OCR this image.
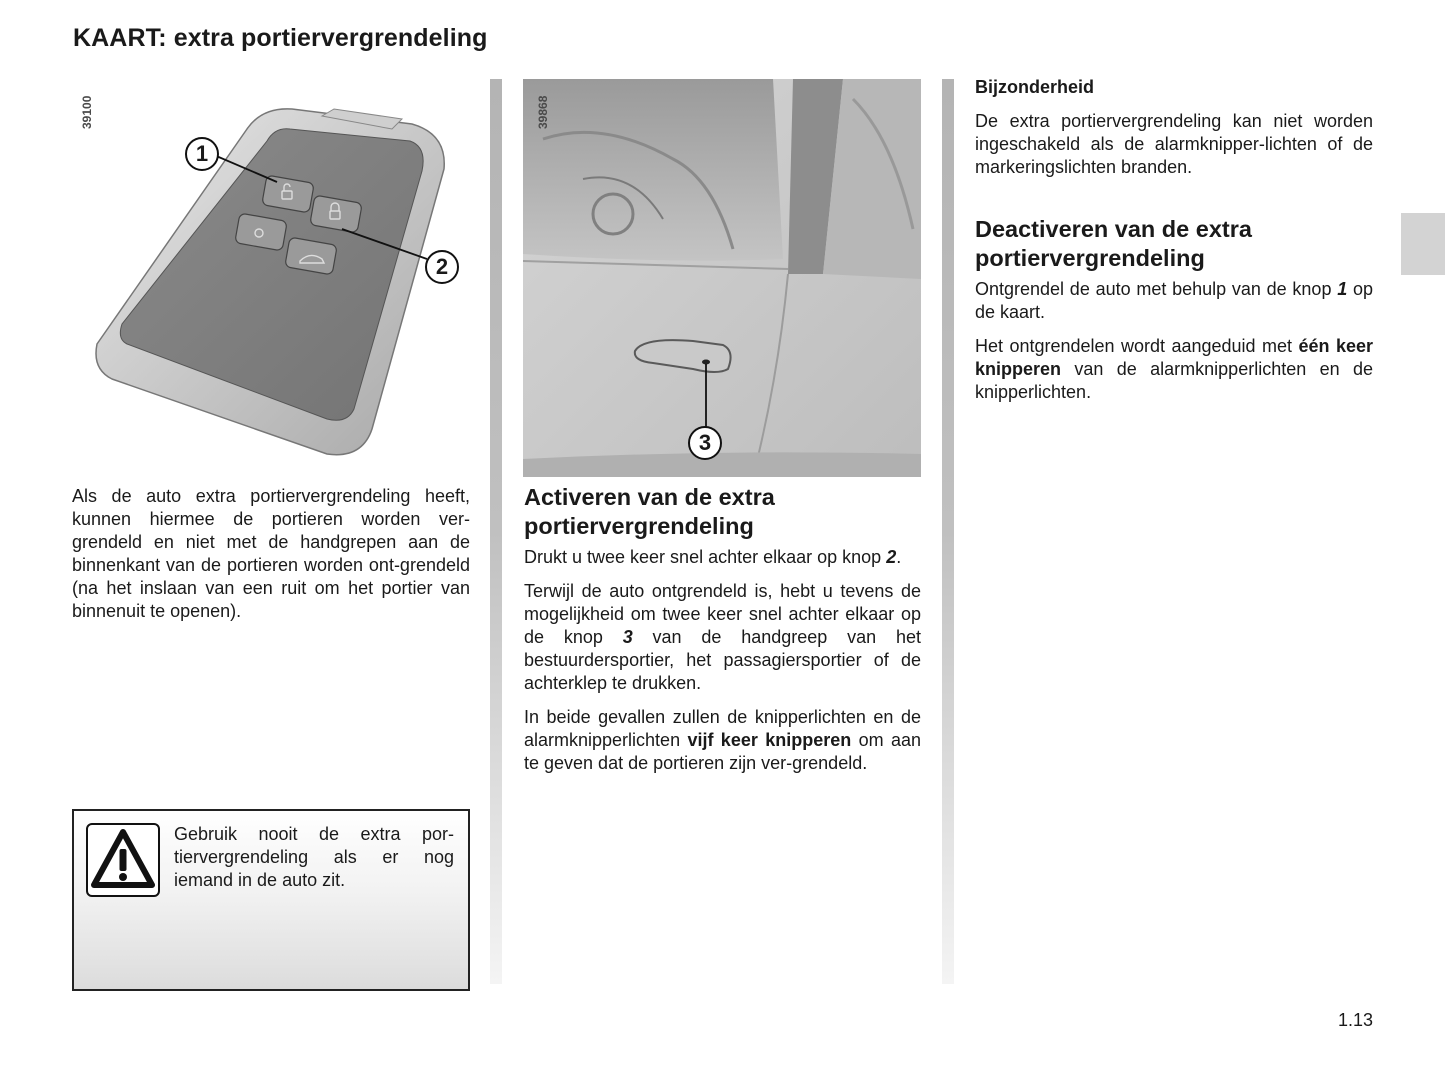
KAART: extra portiervergrendeling
39100
1
2

Als de auto extra portiervergrendeling heeft, kunnen hiermee de portieren worden ver-grendeld en niet met de handgrepen aan de binnenkant van de portieren worden ont-grendeld (na het inslaan van een ruit om het portier van binnenuit te openen).

Gebruik nooit de extra por-tiervergrendeling als er nog iemand in de auto zit.
39868
3
Activeren van de extra portiervergrendeling

Drukt u twee keer snel achter elkaar op knop 2.

Terwijl de auto ontgrendeld is, hebt u tevens de mogelijkheid om twee keer snel achter elkaar op de knop 3 van de handgreep van het bestuurdersportier, het passagiersportier of de achterklep te drukken.

In beide gevallen zullen de knipperlichten en de alarmknipperlichten vijf keer knipperen om aan te geven dat de portieren zijn ver-grendeld.

Bijzonderheid

De extra portiervergrendeling kan niet worden ingeschakeld als de alarmknipper-lichten of de markeringslichten branden.

Deactiveren van de extra portiervergrendeling

Ontgrendel de auto met behulp van de knop 1 op de kaart.

Het ontgrendelen wordt aangeduid met één keer knipperen van de alarmknipperlichten en de knipperlichten.

1.13
